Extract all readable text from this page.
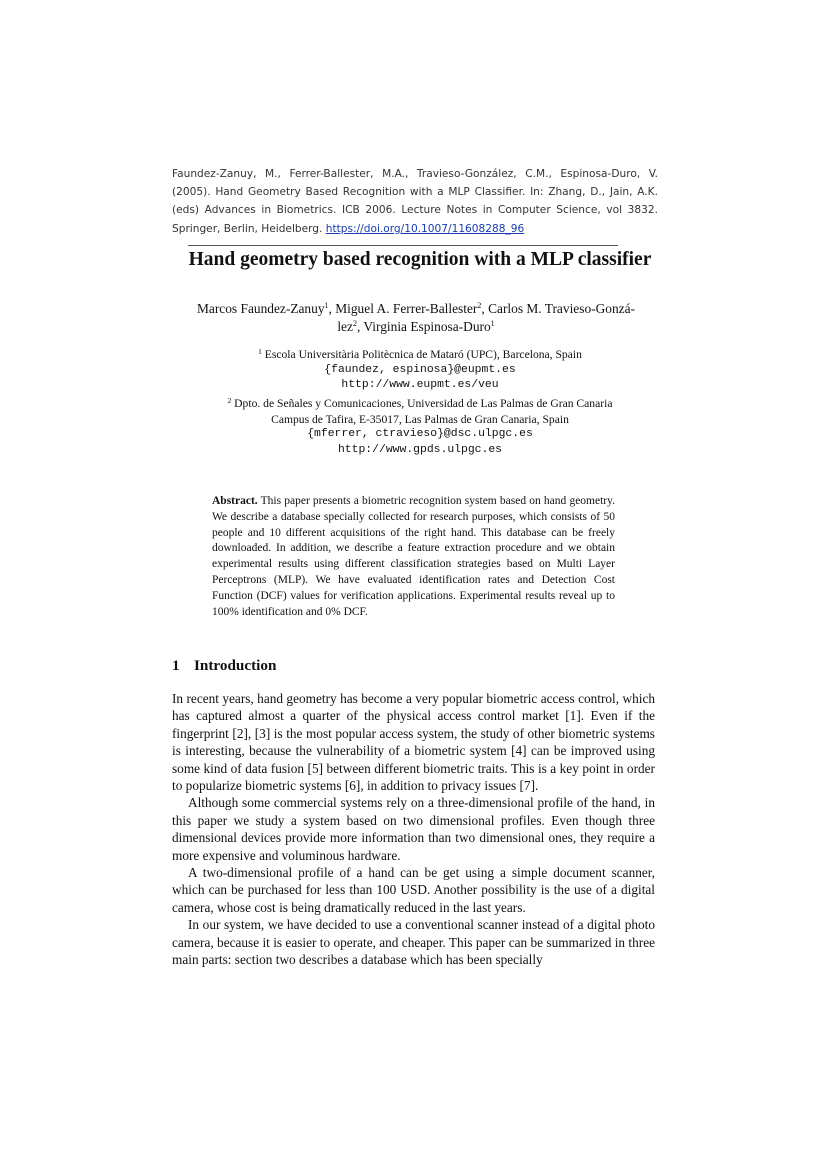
Faundez-Zanuy, M., Ferrer-Ballester, M.A., Travieso-González, C.M., Espinosa-Duro, V. (2005). Hand Geometry Based Recognition with a MLP Classifier. In: Zhang, D., Jain, A.K. (eds) Advances in Biometrics. ICB 2006. Lecture Notes in Computer Science, vol 3832. Springer, Berlin, Heidelberg. https://doi.org/10.1007/11608288_96
Hand geometry based recognition with a MLP classifier
Marcos Faundez-Zanuy$^1$, Miguel A. Ferrer-Ballester$^2$, Carlos M. Travieso-Gonzá-lez$^2$, Virginia Espinosa-Duro$^1$
$^1$ Escola Universitària Politècnica de Mataró (UPC), Barcelona, Spain
{faundez, espinosa}@eupmt.es
http://www.eupmt.es/veu
$^2$ Dpto. de Señales y Comunicaciones, Universidad de Las Palmas de Gran Canaria
Campus de Tafira, E-35017, Las Palmas de Gran Canaria, Spain
{mferrer, ctravieso}@dsc.ulpgc.es
http://www.gpds.ulpgc.es
Abstract. This paper presents a biometric recognition system based on hand geometry. We describe a database specially collected for research purposes, which consists of 50 people and 10 different acquisitions of the right hand. This database can be freely downloaded. In addition, we describe a feature extraction procedure and we obtain experimental results using different classification strategies based on Multi Layer Perceptrons (MLP). We have evaluated identification rates and Detection Cost Function (DCF) values for verification applications. Experimental results reveal up to 100% identification and 0% DCF.
1 Introduction

In recent years, hand geometry has become a very popular biometric access control, which has captured almost a quarter of the physical access control market [1]. Even if the fingerprint [2], [3] is the most popular access system, the study of other biometric systems is interesting, because the vulnerability of a biometric system [4] can be improved using some kind of data fusion [5] between different biometric traits. This is a key point in order to popularize biometric systems [6], in addition to privacy issues [7].

Although some commercial systems rely on a three-dimensional profile of the hand, in this paper we study a system based on two dimensional profiles. Even though three dimensional devices provide more information than two dimensional ones, they require a more expensive and voluminous hardware.

A two-dimensional profile of a hand can be get using a simple document scanner, which can be purchased for less than 100 USD. Another possibility is the use of a digital camera, whose cost is being dramatically reduced in the last years.

In our system, we have decided to use a conventional scanner instead of a digital photo camera, because it is easier to operate, and cheaper. This paper can be summarized in three main parts: section two describes a database which has been specially
